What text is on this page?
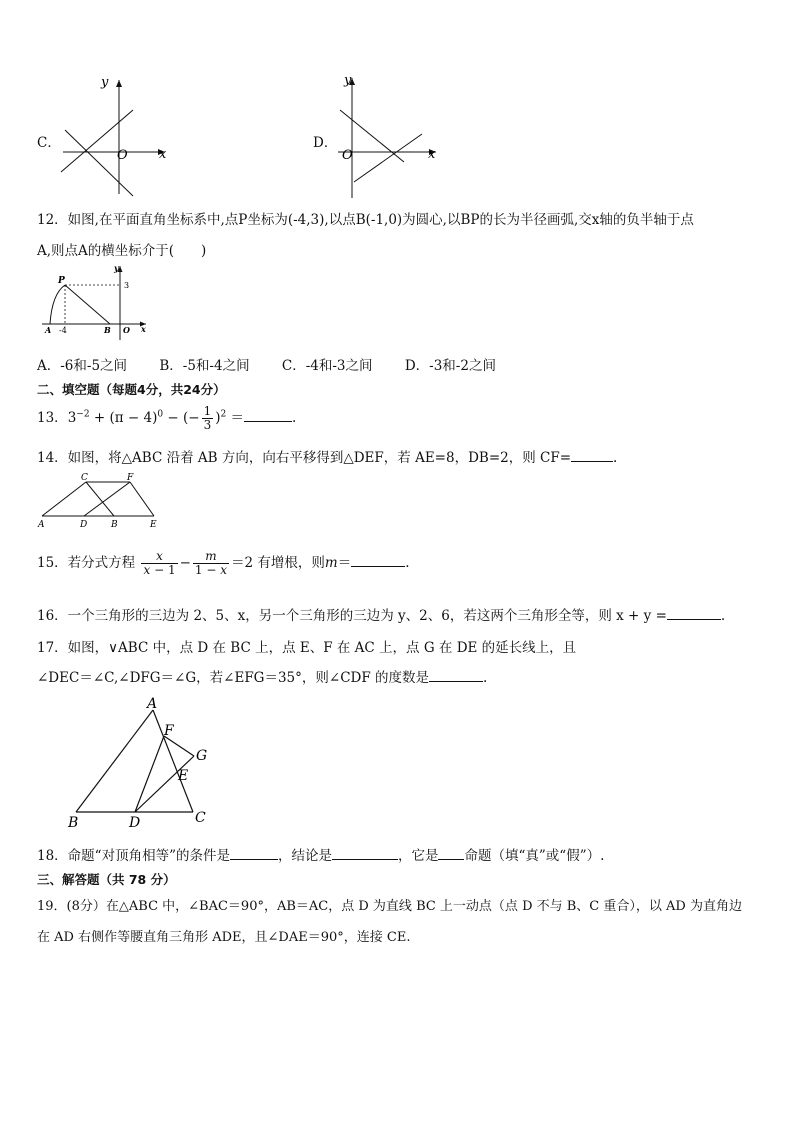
C．
y
x
O
D．
y
x
O
12．如图,在平面直角坐标系中,点P坐标为(-4,3),以点B(-1,0)为圆心,以BP的长为半径画弧,交x轴的负半轴于点
A,则点A的横坐标介于(　　)
P
y
3
A -4	B O x
A．-6和-5之间 B．-5和-4之间 C．-4和-3之间 D．-3和-2之间
二、填空题（每题4分，共24分）
13．$3^{-2} + (\pi - 4)^0$ − (− $\frac{1}{3} )^2$ ＝	.
14．如图，将△ABC 沿着 AB 方向，向右平移得到△DEF，若 AE=8，DB=2，则 CF=	.
C	F
A	D	B	E
15．若分式方程 $\frac{x}{x - 1} - \frac{m}{1 - x} =2$ 有增根，则m＝	.
16．一个三角形的三边为 2、5、x，另一个三角形的三边为 y、2、6，若这两个三角形全等，则 x + y =	.
17．如图，∨ABC 中，点 D 在 BC 上，点 E、F 在 AC 上，点 G 在 DE 的延长线上，且
∠DEC＝∠C,∠DFG＝∠G，若∠EFG＝35°，则∠CDF 的度数是	.
A
F
G
E
B	D	C
18．命题“对顶角相等”的条件是	，结论是	，它是 命题（填“真”或“假”）.
三、解答题（共 78 分）
19．(8分）在△ABC 中，∠BAC＝90°，AB＝AC，点 D 为直线 BC 上一动点（点 D 不与 B、C 重合），以 AD 为直角边
在 AD 右侧作等腰直角三角形 ADE，且∠DAE＝90°，连接 CE.
